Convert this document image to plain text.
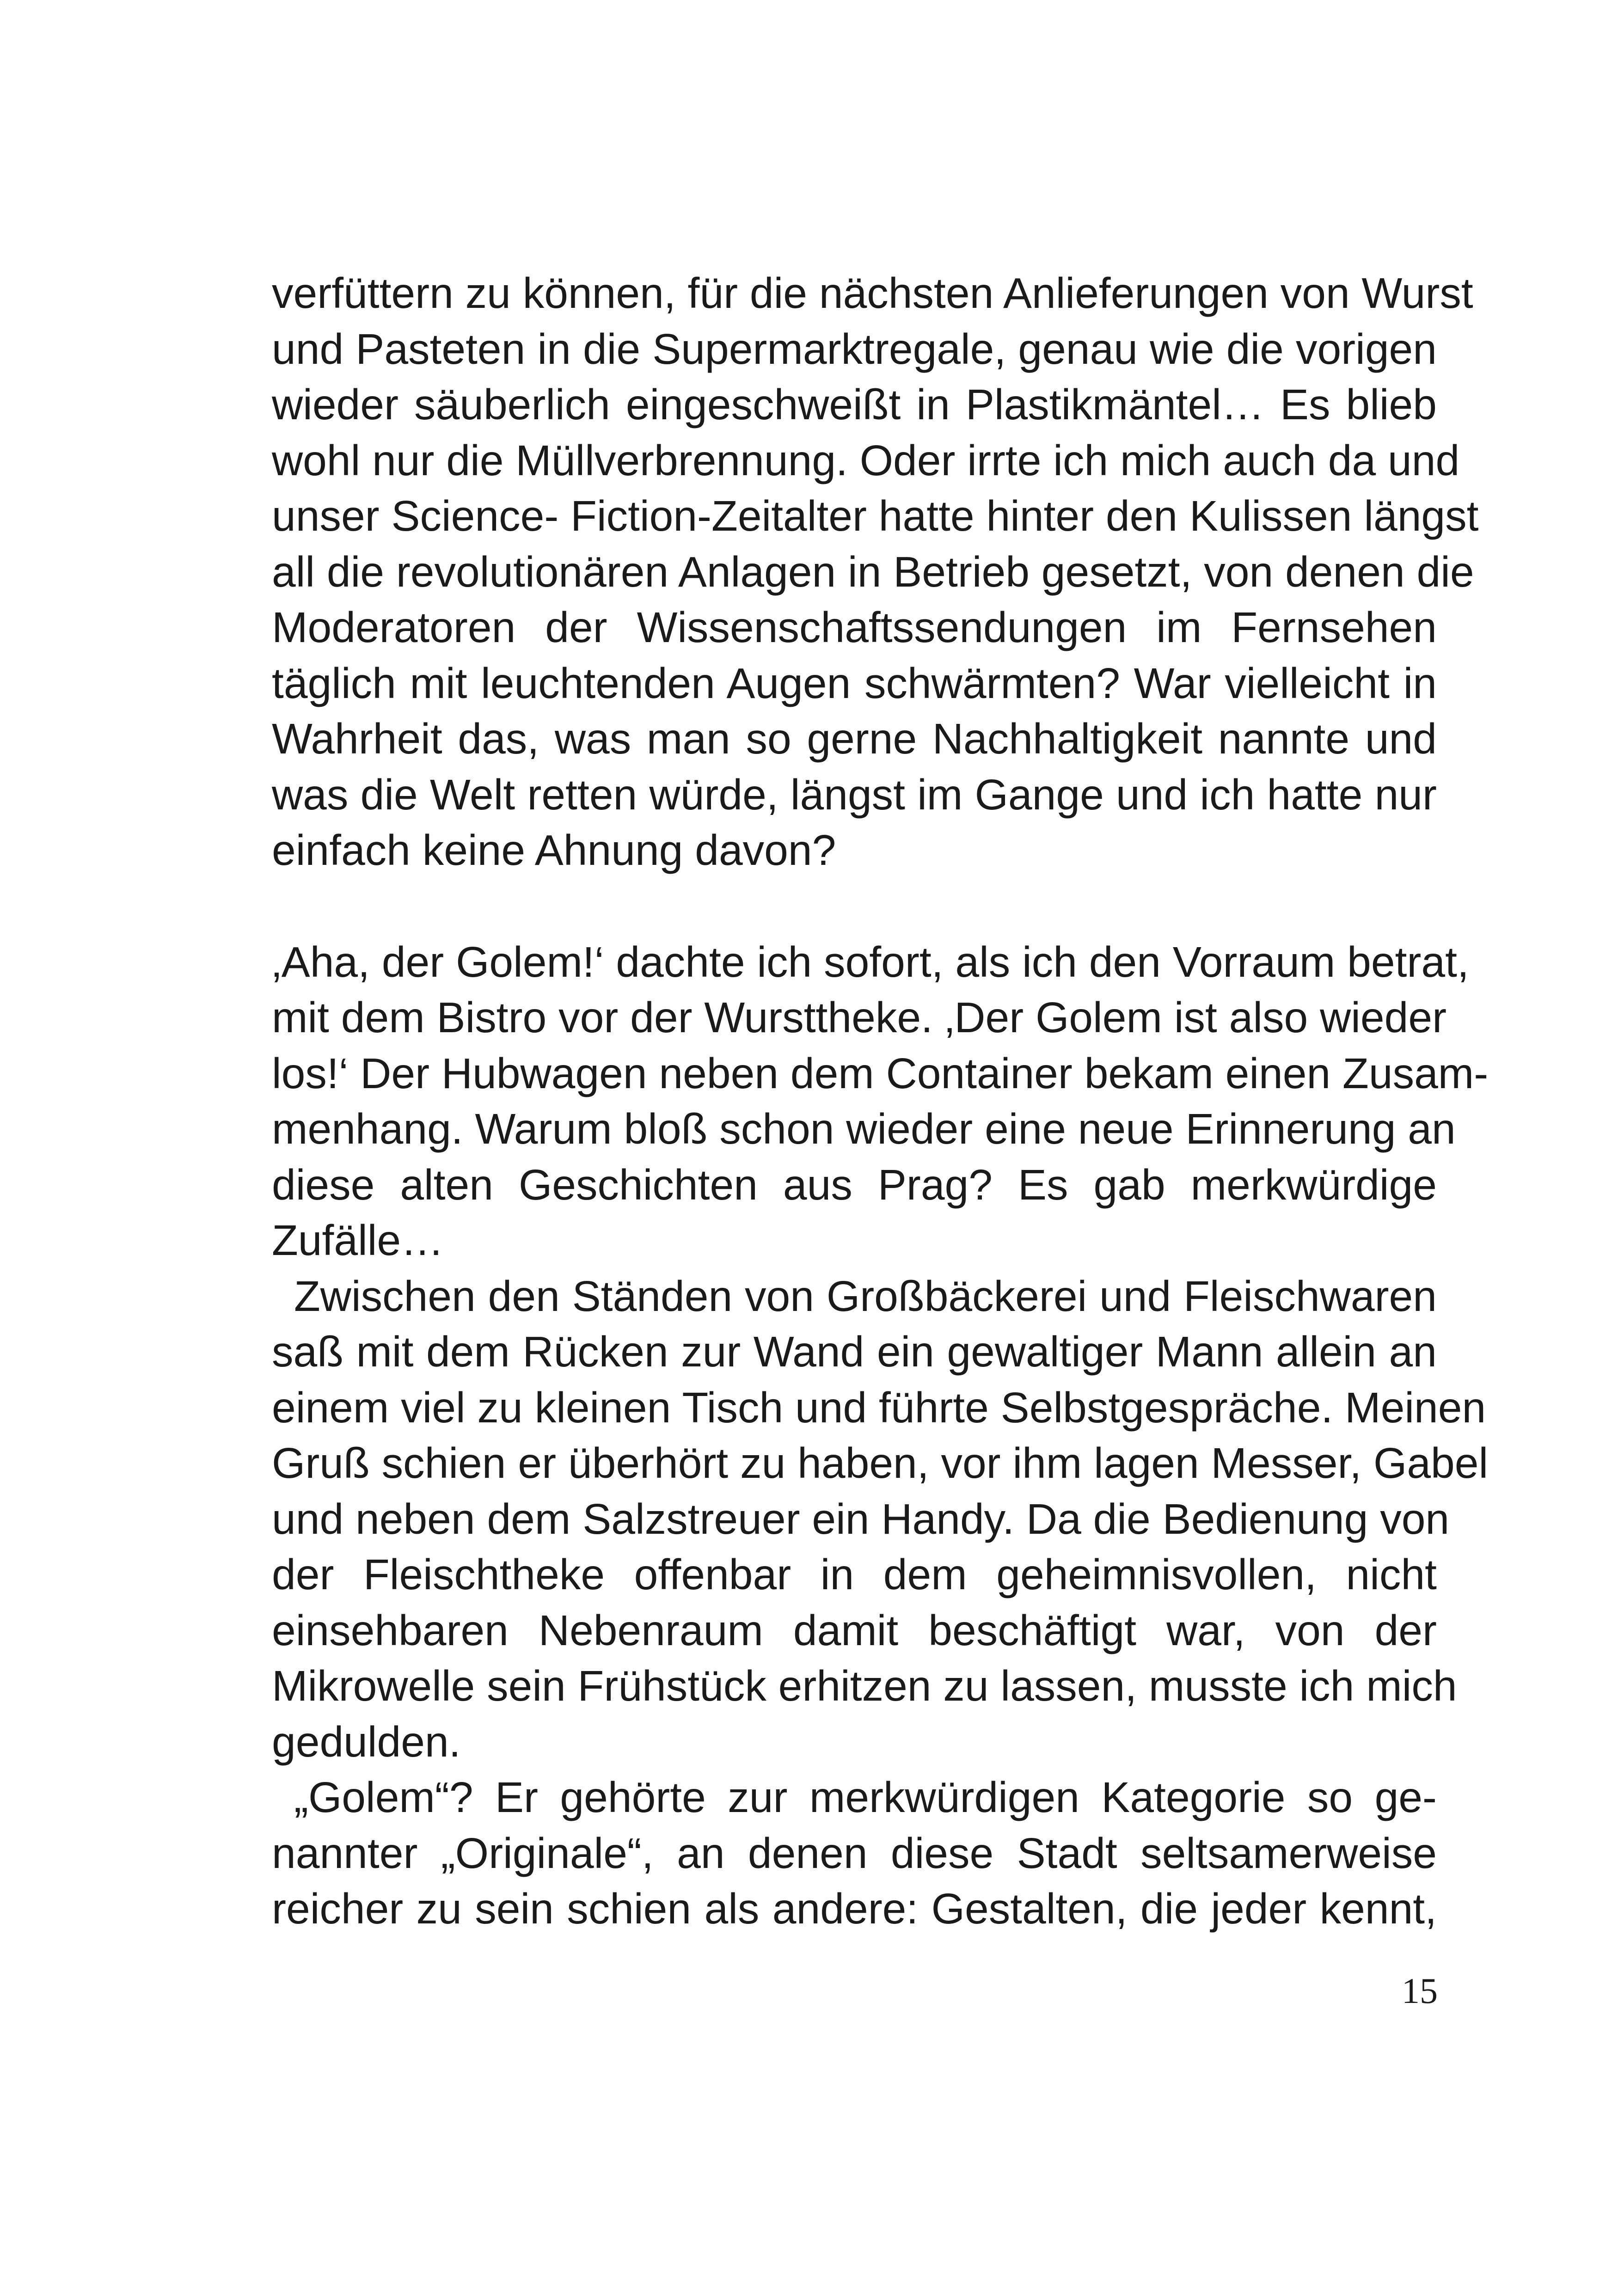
verfüttern zu können, für die nächsten Anlieferungen von Wurst
und Pasteten in die Supermarktregale, genau wie die vorigen
wieder säuberlich eingeschweißt in Plastikmäntel… Es blieb
wohl nur die Müllverbrennung. Oder irrte ich mich auch da und
unser Science- Fiction-Zeitalter hatte hinter den Kulissen längst
all die revolutionären Anlagen in Betrieb gesetzt, von denen die
Moderatoren der Wissenschaftssendungen im Fernsehen
täglich mit leuchtenden Augen schwärmten? War vielleicht in
Wahrheit das, was man so gerne Nachhaltigkeit nannte und
was die Welt retten würde, längst im Gange und ich hatte nur
einfach keine Ahnung davon?
‚Aha, der Golem!‘ dachte ich sofort, als ich den Vorraum betrat,
mit dem Bistro vor der Wursttheke. ‚Der Golem ist also wieder
los!‘ Der Hubwagen neben dem Container bekam einen Zusam-
menhang. Warum bloß schon wieder eine neue Erinnerung an
diese alten Geschichten aus Prag? Es gab merkwürdige
Zufälle…
Zwischen den Ständen von Großbäckerei und Fleischwaren
saß mit dem Rücken zur Wand ein gewaltiger Mann allein an
einem viel zu kleinen Tisch und führte Selbstgespräche. Meinen
Gruß schien er überhört zu haben, vor ihm lagen Messer, Gabel
und neben dem Salzstreuer ein Handy. Da die Bedienung von
der Fleischtheke offenbar in dem geheimnisvollen, nicht
einsehbaren Nebenraum damit beschäftigt war, von der
Mikrowelle sein Frühstück erhitzen zu lassen, musste ich mich
gedulden.
„Golem“? Er gehörte zur merkwürdigen Kategorie so ge-
nannter „Originale“, an denen diese Stadt seltsamerweise
reicher zu sein schien als andere: Gestalten, die jeder kennt,
15
